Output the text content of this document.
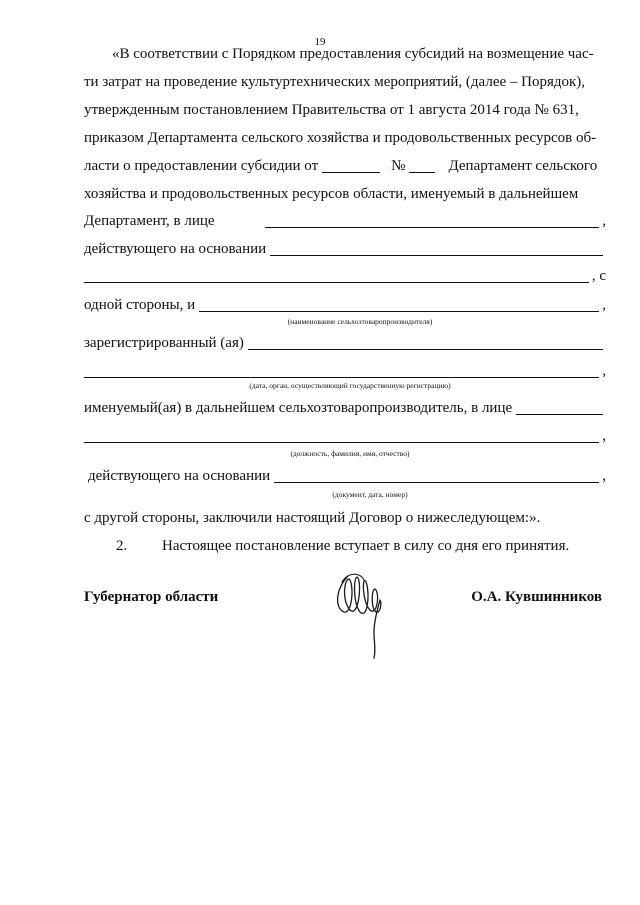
19
«В соответствии с Порядком предоставления субсидий на возмещение час-
ти затрат на проведение культуртехнических мероприятий, (далее – Порядок),
утвержденным постановлением Правительства от 1 августа 2014 года № 631,
приказом Департамента сельского хозяйства и продовольственных ресурсов об-
ласти о предоставлении субсидии от	№	Департамент сельского
хозяйства и продовольственных ресурсов области, именуемый в дальнейшем
Департамент, в лице	,
действующего на основании
, с
одной стороны, и	,
(наименование сельхозтоваропроизводителя)
зарегистрированный (ая)
,
(дата, орган, осуществляющий государственную регистрацию)
именуемый(ая) в дальнейшем сельхозтоваропроизводитель, в лице
,
(должность, фамилия, имя, отчество)
действующего на основании	,
(документ, дата, номер)
с другой стороны, заключили настоящий Договор о нижеследующем:».
2.	Настоящее постановление вступает в силу со дня его принятия.
Губернатор области	О.А. Кувшинников
